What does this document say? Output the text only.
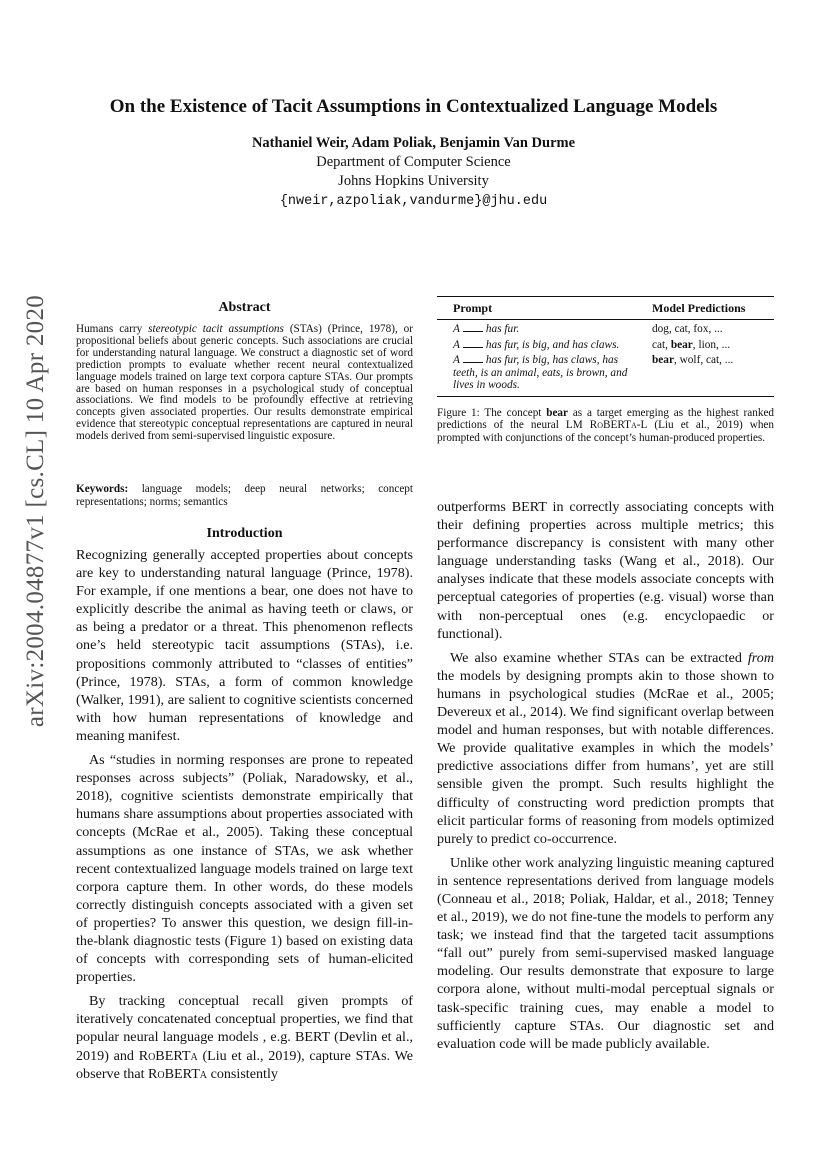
On the Existence of Tacit Assumptions in Contextualized Language Models
Nathaniel Weir, Adam Poliak, Benjamin Van Durme
Department of Computer Science
Johns Hopkins University
{nweir,azpoliak,vandurme}@jhu.edu
arXiv:2004.04877v1 [cs.CL] 10 Apr 2020	Abstract
Humans carry stereotypic tacit assumptions (STAs) (Prince, 1978), or propositional beliefs about generic concepts. Such associations are crucial for understanding natural language. We construct a diagnostic set of word prediction prompts to evaluate whether recent neural contextualized language models trained on large text corpora capture STAs. Our prompts are based on human responses in a psychological study of conceptual associations. We find models to be profoundly effective at retrieving concepts given associated properties. Our results demonstrate empirical evidence that stereotypic conceptual representations are captured in neural models derived from semi-supervised linguistic exposure.
Keywords: language models; deep neural networks; concept representations; norms; semantics
Introduction

Recognizing generally accepted properties about concepts are key to understanding natural language (Prince, 1978). For example, if one mentions a bear, one does not have to explicitly describe the animal as having teeth or claws, or as being a predator or a threat. This phenomenon reflects one’s held stereotypic tacit assumptions (STAs), i.e. propositions commonly attributed to “classes of entities” (Prince, 1978). STAs, a form of common knowledge (Walker, 1991), are salient to cognitive scientists concerned with how human representations of knowledge and meaning manifest.

As “studies in norming responses are prone to repeated responses across subjects” (Poliak, Naradowsky, et al., 2018), cognitive scientists demonstrate empirically that humans share assumptions about properties associated with concepts (McRae et al., 2005). Taking these conceptual assumptions as one instance of STAs, we ask whether recent contextualized language models trained on large text corpora capture them. In other words, do these models correctly distinguish concepts associated with a given set of properties? To answer this question, we design fill-in-the-blank diagnostic tests (Figure 1) based on existing data of concepts with corresponding sets of human-elicited properties.

By tracking conceptual recall given prompts of iteratively concatenated conceptual properties, we find that popular neural language models , e.g. BERT (Devlin et al., 2019) and RoBERTa (Liu et al., 2019), capture STAs. We observe that RoBERTa consistently

Prompt	Model Predictions
A has fur.	dog, cat, fox, ...
A has fur, is big, and has claws.	cat, bear, lion, ...
A has fur, is big, has claws, has teeth, is an animal, eats, is brown, and lives in woods.	bear, wolf, cat, ...
Figure 1: The concept bear as a target emerging as the highest ranked predictions of the neural LM RoBERTa-L (Liu et al., 2019) when prompted with conjunctions of the concept’s human-produced properties.

outperforms BERT in correctly associating concepts with their defining properties across multiple metrics; this performance discrepancy is consistent with many other language understanding tasks (Wang et al., 2018). Our analyses indicate that these models associate concepts with perceptual categories of properties (e.g. visual) worse than with non-perceptual ones (e.g. encyclopaedic or functional).

We also examine whether STAs can be extracted from the models by designing prompts akin to those shown to humans in psychological studies (McRae et al., 2005; Devereux et al., 2014). We find significant overlap between model and human responses, but with notable differences. We provide qualitative examples in which the models’ predictive associations differ from humans’, yet are still sensible given the prompt. Such results highlight the difficulty of constructing word prediction prompts that elicit particular forms of reasoning from models optimized purely to predict co-occurrence.

Unlike other work analyzing linguistic meaning captured in sentence representations derived from language models (Conneau et al., 2018; Poliak, Haldar, et al., 2018; Tenney et al., 2019), we do not fine-tune the models to perform any task; we instead find that the targeted tacit assumptions “fall out” purely from semi-supervised masked language modeling. Our results demonstrate that exposure to large corpora alone, without multi-modal perceptual signals or task-specific training cues, may enable a model to sufficiently capture STAs. Our diagnostic set and evaluation code will be made publicly available.
